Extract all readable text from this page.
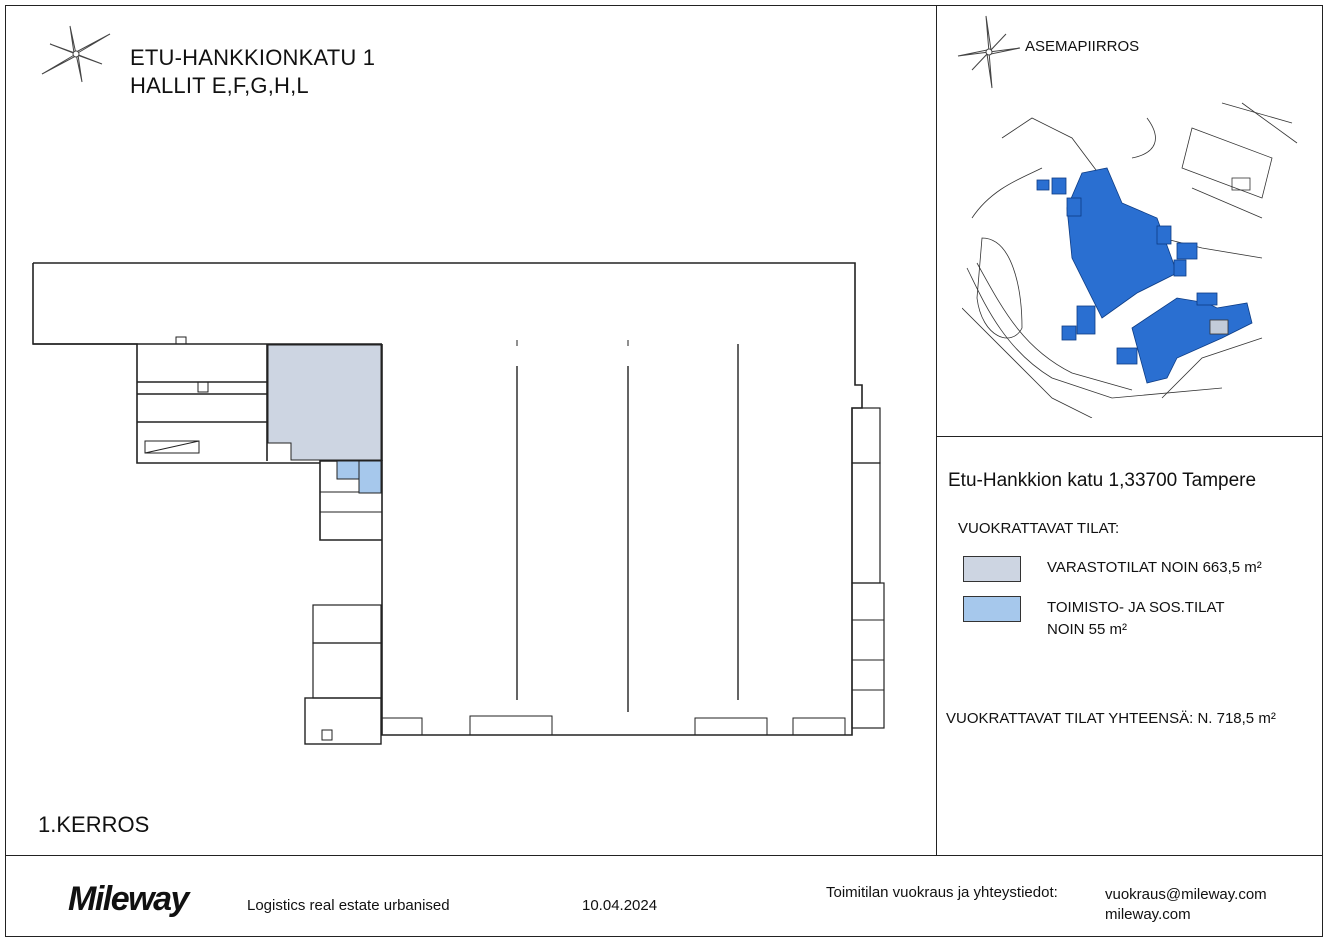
ETU-HANKKIONKATU 1
HALLIT E,F,G,H,L
1.KERROS
ASEMAPIIRROS
Etu-Hankkion katu 1,33700 Tampere
VUOKRATTAVAT TILAT:
VARASTOTILAT NOIN 663,5 m²
TOIMISTO- JA SOS.TILAT
NOIN 55 m²
VUOKRATTAVAT TILAT YHTEENSÄ: N. 718,5 m²
Mileway	Logistics real estate urbanised	10.04.2024
Toimitilan vuokraus ja yhteystiedot:	vuokraus@mileway.com
mileway.com
